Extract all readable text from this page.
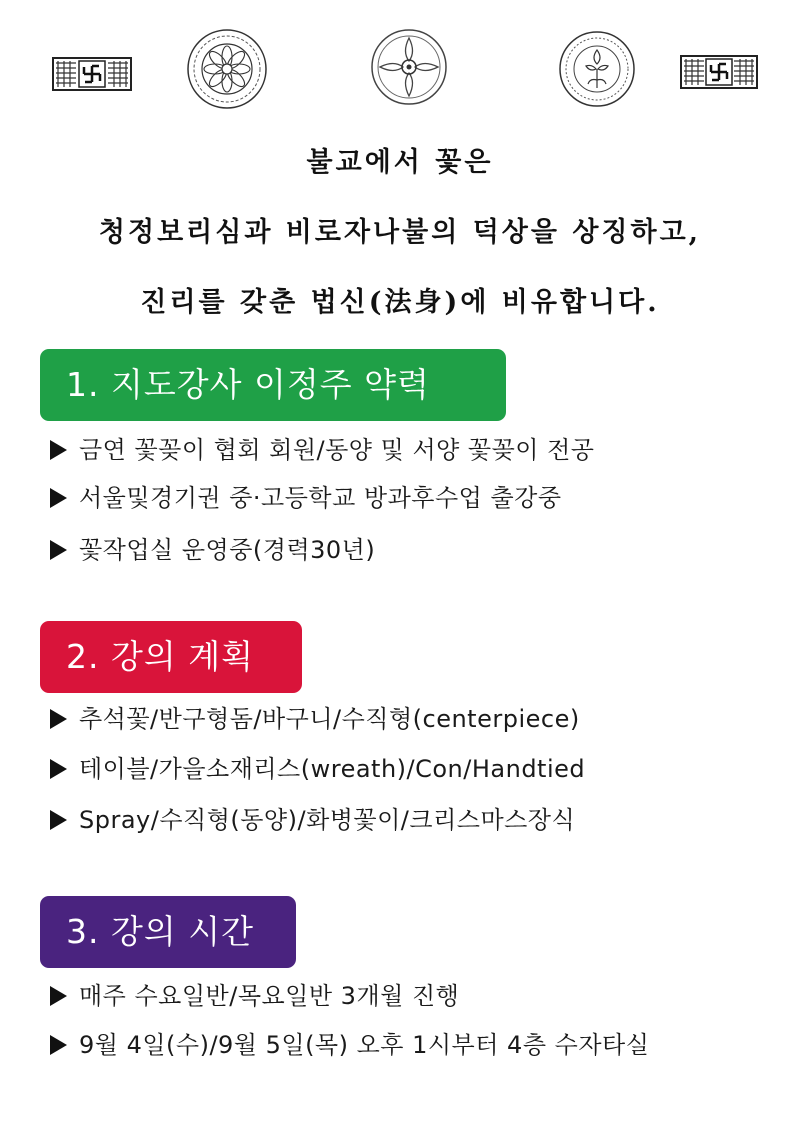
불교에서 꽃은
청정보리심과 비로자나불의 덕상을 상징하고,
진리를 갖춘 법신(法身)에 비유합니다.
1. 지도강사 이정주 약력
금연 꽃꽂이 협회 회원/동양 및 서양 꽃꽂이 전공
서울및경기권 중·고등학교 방과후수업 출강중
꽃작업실 운영중(경력30년)
2. 강의 계획
추석꽃/반구형돔/바구니/수직형(centerpiece)
테이블/가을소재리스(wreath)/Con/Handtied
Spray/수직형(동양)/화병꽃이/크리스마스장식
3. 강의 시간
매주 수요일반/목요일반 3개월 진행
9월 4일(수)/9월 5일(목) 오후 1시부터 4층 수자타실
